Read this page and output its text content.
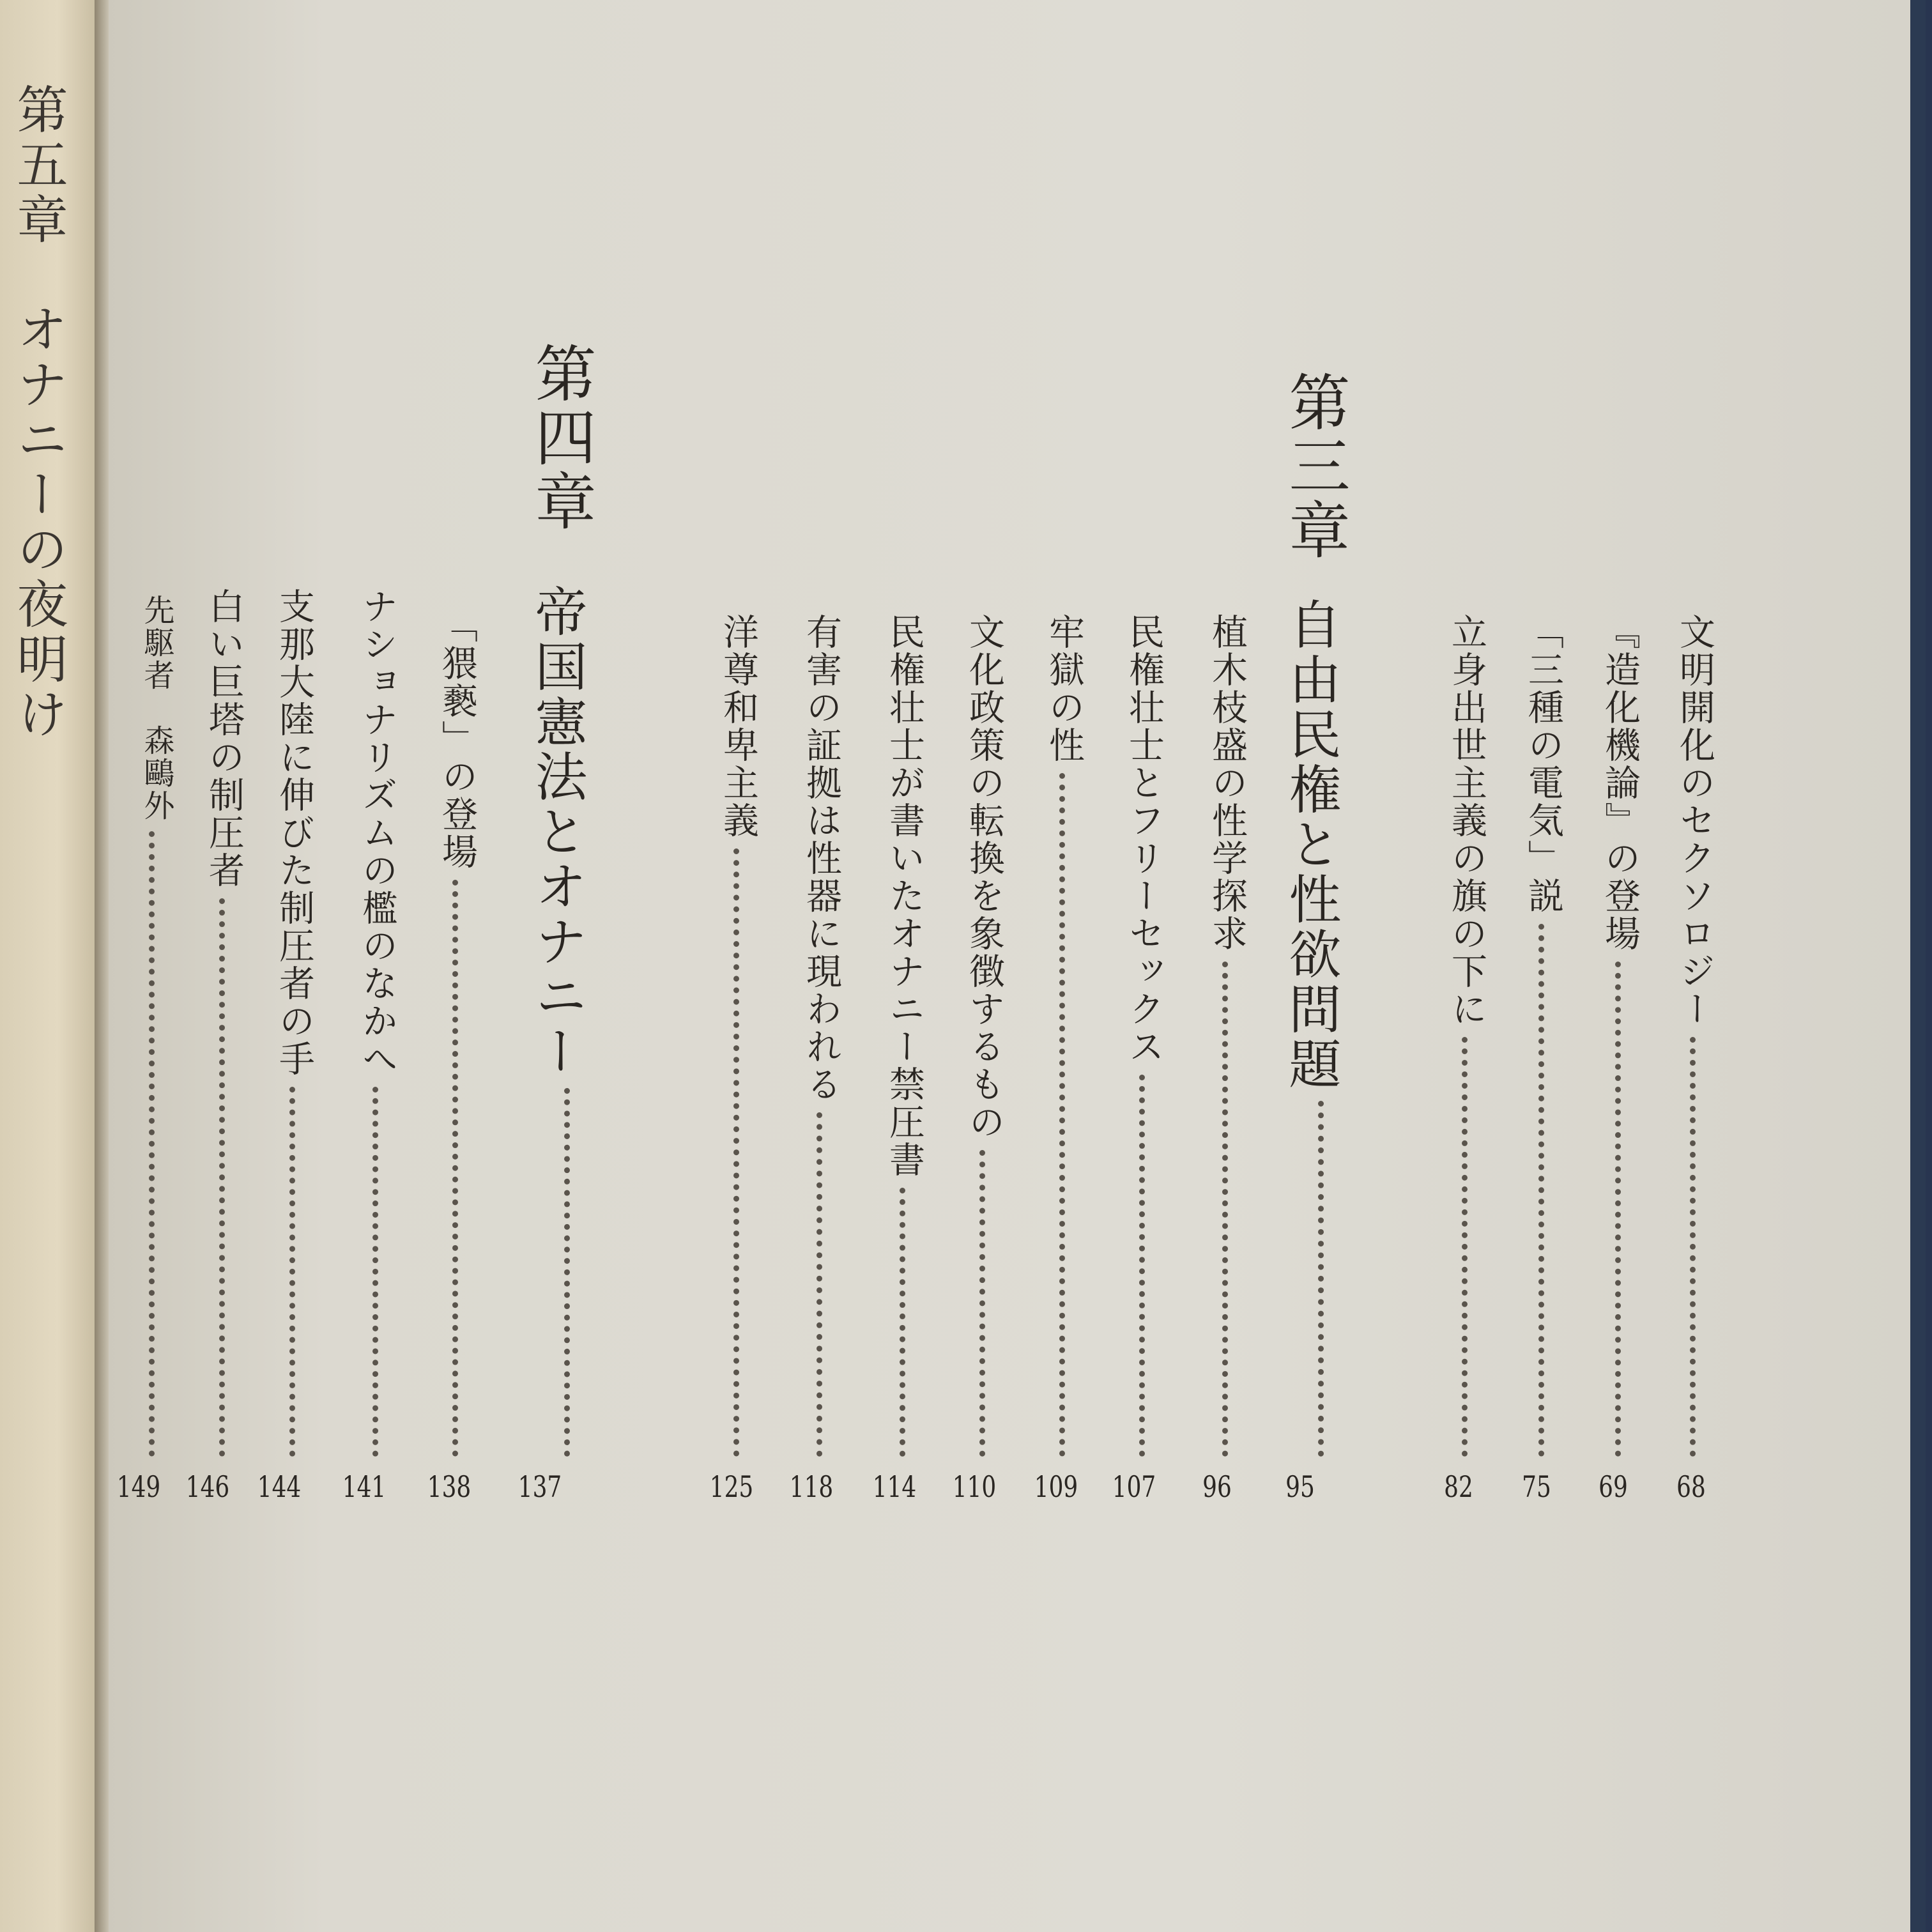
第五章　オナニーの夜明け
文明開化のセクソロジー
68
『造化機論』の登場
69
「三種の電気」説
75
立身出世主義の旗の下に
82
第三章
自由民権と性欲問題
95
植木枝盛の性学探求
96
民権壮士とフリーセックス
107
牢獄の性
109
文化政策の転換を象徴するもの
110
民権壮士が書いたオナニー禁圧書
114
有害の証拠は性器に現われる
118
洋尊和卑主義
125
第四章
帝国憲法とオナニー
137
「猥褻」の登場
138
ナショナリズムの檻のなかへ
141
支那大陸に伸びた制圧者の手
144
白い巨塔の制圧者
146
先駆者　森鷗外
149
